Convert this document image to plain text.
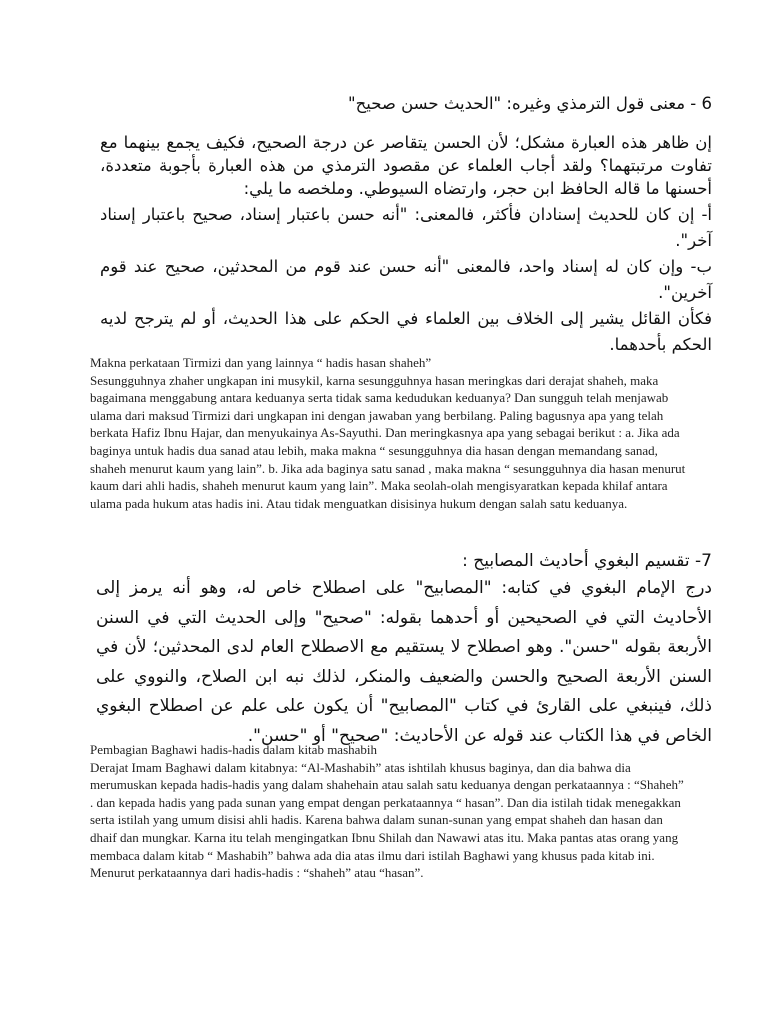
6 - معنى قول الترمذي وغيره: "الحديث حسن صحيح"

إن ظاهر هذه العبارة مشكل؛ لأن الحسن يتقاصر عن درجة الصحيح، فكيف يجمع بينهما مع تفاوت مرتبتهما؟ ولقد أجاب العلماء عن مقصود الترمذي من هذه العبارة بأجوبة متعددة، أحسنها ما قاله الحافظ ابن حجر، وارتضاه السيوطي. وملخصه ما يلي:

أ- إن كان للحديث إسنادان فأكثر، فالمعنى: "أنه حسن باعتبار إسناد، صحيح باعتبار إسناد آخر".

ب- وإن كان له إسناد واحد، فالمعنى "أنه حسن عند قوم من المحدثين، صحيح عند قوم آخرين".

فكأن القائل يشير إلى الخلاف بين العلماء في الحكم على هذا الحديث، أو لم يترجح لديه الحكم بأحدهما.

Makna perkataan Tirmizi dan yang lainnya “ hadis hasan shaheh”

Sesungguhnya zhaher ungkapan ini musykil, karna sesungguhnya hasan meringkas dari derajat shaheh, maka bagaimana menggabung antara keduanya serta tidak sama kedudukan keduanya? Dan sungguh telah menjawab ulama dari maksud Tirmizi dari ungkapan ini dengan jawaban yang berbilang. Paling bagusnya apa yang telah berkata Hafiz Ibnu Hajar, dan menyukainya As-Sayuthi. Dan meringkasnya apa yang sebagai berikut : a. Jika ada baginya untuk hadis dua sanad atau lebih, maka makna “ sesungguhnya dia hasan dengan memandang sanad, shaheh menurut kaum yang lain”. b. Jika ada baginya satu sanad , maka makna “ sesungguhnya dia hasan menurut kaum dari ahli hadis, shaheh menurut kaum yang lain”. Maka seolah-olah mengisyaratkan kepada khilaf antara ulama pada hukum atas hadis ini. Atau tidak menguatkan disisinya hukum dengan salah satu keduanya.

7- تقسيم البغوي أحاديث المصابيح :

درج الإمام البغوي في كتابه: "المصابيح" على اصطلاح خاص له، وهو أنه يرمز إلى الأحاديث التي في الصحيحين أو أحدهما بقوله: "صحيح" وإلى الحديث التي في السنن الأربعة بقوله "حسن". وهو اصطلاح لا يستقيم مع الاصطلاح العام لدى المحدثين؛ لأن في السنن الأربعة الصحيح والحسن والضعيف والمنكر، لذلك نبه ابن الصلاح، والنووي على ذلك، فينبغي على القارئ في كتاب "المصابيح" أن يكون على علم عن اصطلاح البغوي الخاص في هذا الكتاب عند قوله عن الأحاديث: "صحيح" أو "حسن".

Pembagian Baghawi hadis-hadis dalam kitab mashabih

Derajat Imam Baghawi dalam kitabnya: “Al-Mashabih” atas ishtilah khusus baginya, dan dia bahwa dia merumuskan kepada hadis-hadis yang dalam shahehain atau salah satu keduanya dengan perkataannya : “Shaheh” . dan kepada hadis yang pada sunan yang empat dengan perkataannya “ hasan”. Dan dia istilah tidak menegakkan serta istilah yang umum disisi ahli hadis. Karena bahwa dalam sunan-sunan yang empat shaheh dan hasan dan dhaif dan mungkar. Karna itu telah mengingatkan Ibnu Shilah dan Nawawi atas itu. Maka pantas atas orang yang membaca dalam kitab “ Mashabih” bahwa ada dia atas ilmu dari istilah Baghawi yang khusus pada kitab ini. Menurut perkataannya dari hadis-hadis : “shaheh” atau “hasan”.
